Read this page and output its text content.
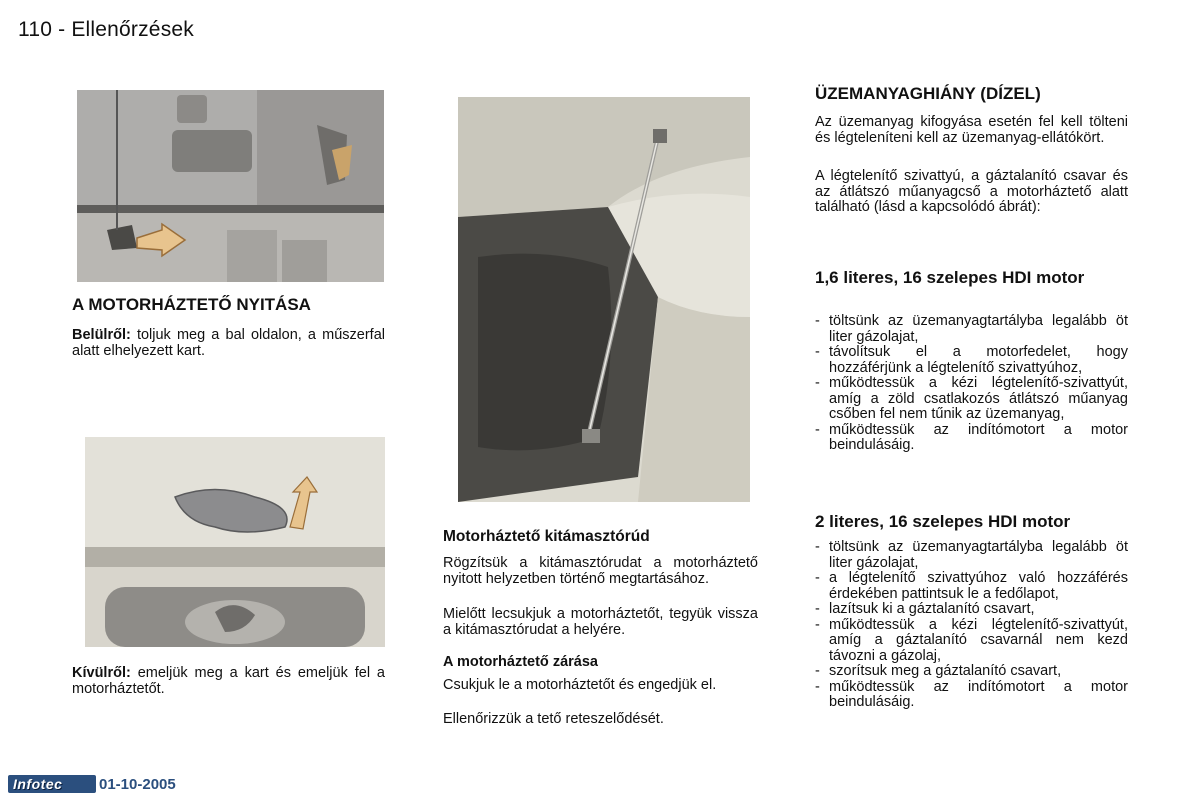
110 - Ellenőrzések
A MOTORHÁZTETŐ NYITÁSA

Belülről: toljuk meg a bal oldalon, a műszerfal alatt elhelyezett kart.

Kívülről: emeljük meg a kart és emeljük fel a motorháztetőt.

Motorháztető kitámasztórúd

Rögzítsük a kitámasztórudat a motorháztető nyitott helyzetben történő megtartásához.

Mielőtt lecsukjuk a motorháztetőt, tegyük vissza a kitámasztórudat a helyére.

A motorháztető zárása

Csukjuk le a motorháztetőt és engedjük el.

Ellenőrizzük a tető reteszelődését.

ÜZEMANYAGHIÁNY (DÍZEL)

Az üzemanyag kifogyása esetén fel kell tölteni és légteleníteni kell az üzemanyag-ellátókört.

A légtelenítő szivattyú, a gáztalanító csavar és az átlátszó műanyagcső a motorháztető alatt található (lásd a kapcsolódó ábrát):

1,6 literes, 16 szelepes HDI motor
- töltsünk az üzemanyagtartályba legalább öt liter gázolajat,
- távolítsuk el a motorfedelet, hogy hozzáférjünk a légtelenítő szivattyúhoz,
- működtessük a kézi légtelenítő-szivattyút, amíg a zöld csatlakozós átlátszó műanyag csőben fel nem tűnik az üzemanyag,
- működtessük az indítómotort a motor beindulásáig.
2 literes, 16 szelepes HDI motor
- töltsünk az üzemanyagtartályba legalább öt liter gázolajat,
- a légtelenítő szivattyúhoz való hozzáférés érdekében pattintsuk le a fedőlapot,
- lazítsuk ki a gáztalanító csavart,
- működtessük a kézi légtelenítő-szivattyút, amíg a gáztalanító csavarnál nem kezd távozni a gázolaj,
- szorítsuk meg a gáztalanító csavart,
- működtessük az indítómotort a motor beindulásáig.
Infotec	01-10-2005
